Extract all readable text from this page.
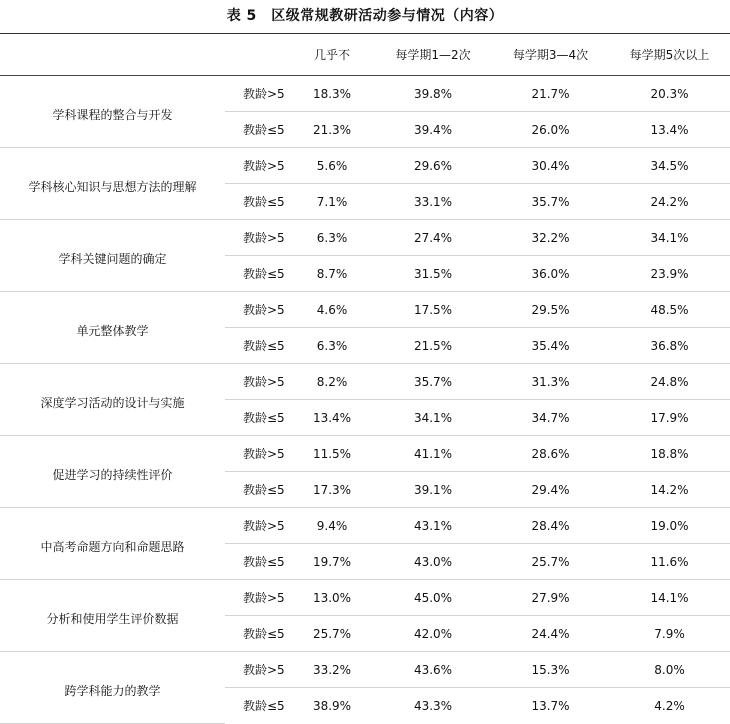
表 5　区级常规教研活动参与情况（内容）
		几乎不	每学期1—2次	每学期3—4次	每学期5次以上
学科课程的整合与开发	教龄>5	18.3%	39.8%	21.7%	20.3%
	教龄≤5	21.3%	39.4%	26.0%	13.4%
学科核心知识与思想方法的理解	教龄>5	5.6%	29.6%	30.4%	34.5%
	教龄≤5	7.1%	33.1%	35.7%	24.2%
学科关键问题的确定	教龄>5	6.3%	27.4%	32.2%	34.1%
	教龄≤5	8.7%	31.5%	36.0%	23.9%
单元整体教学	教龄>5	4.6%	17.5%	29.5%	48.5%
	教龄≤5	6.3%	21.5%	35.4%	36.8%
深度学习活动的设计与实施	教龄>5	8.2%	35.7%	31.3%	24.8%
	教龄≤5	13.4%	34.1%	34.7%	17.9%
促进学习的持续性评价	教龄>5	11.5%	41.1%	28.6%	18.8%
	教龄≤5	17.3%	39.1%	29.4%	14.2%
中高考命题方向和命题思路	教龄>5	9.4%	43.1%	28.4%	19.0%
	教龄≤5	19.7%	43.0%	25.7%	11.6%
分析和使用学生评价数据	教龄>5	13.0%	45.0%	27.9%	14.1%
	教龄≤5	25.7%	42.0%	24.4%	7.9%
跨学科能力的教学	教龄>5	33.2%	43.6%	15.3%	8.0%
	教龄≤5	38.9%	43.3%	13.7%	4.2%
